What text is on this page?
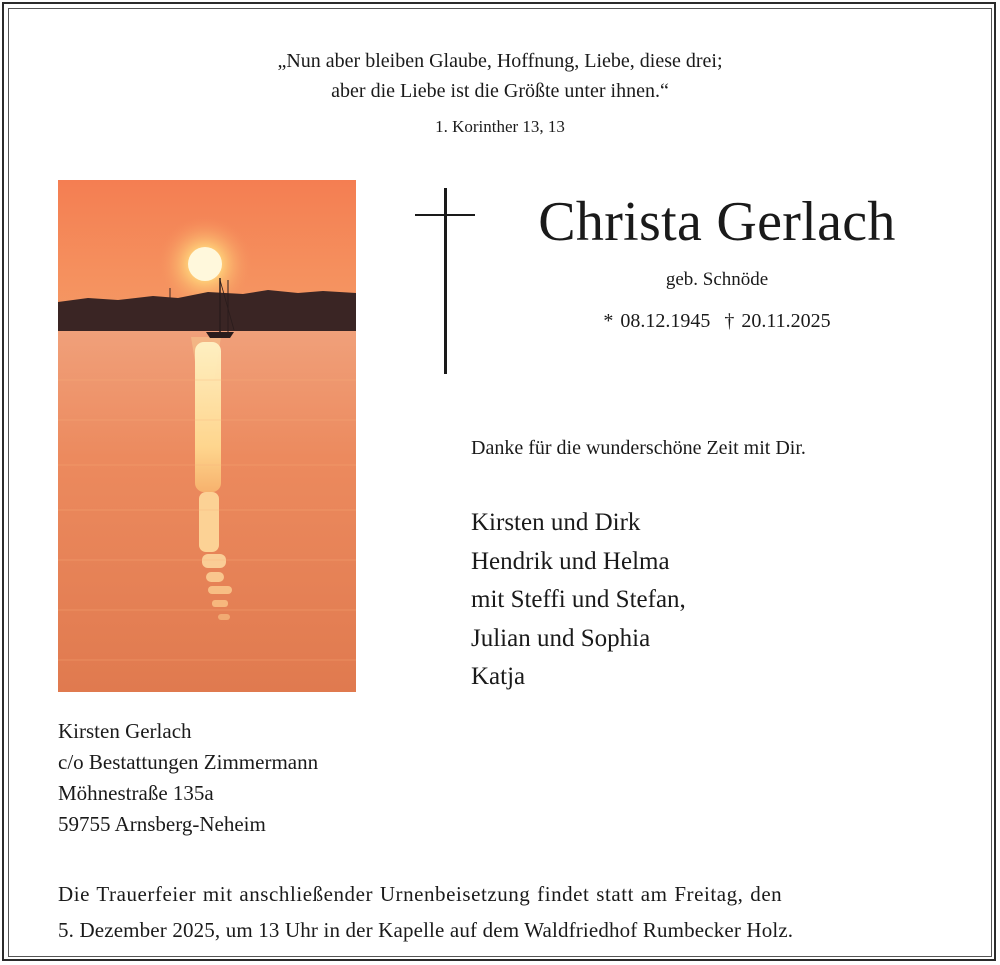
„Nun aber bleiben Glaube, Hoffnung, Liebe, diese drei;
aber die Liebe ist die Größte unter ihnen.“
1. Korinther 13, 13
Christa Gerlach
geb. Schnöde
* 08.12.1945 † 20.11.2025
Danke für die wunderschöne Zeit mit Dir.
Kirsten und Dirk
Hendrik und Helma
mit Steffi und Stefan,
Julian und Sophia
Katja
Kirsten Gerlach
c/o Bestattungen Zimmermann
Möhnestraße 135a
59755 Arnsberg-Neheim
Die Trauerfeier mit anschließender Urnenbeisetzung findet statt am Freitag, den
5. Dezember 2025, um 13 Uhr in der Kapelle auf dem Waldfriedhof Rumbecker Holz.
